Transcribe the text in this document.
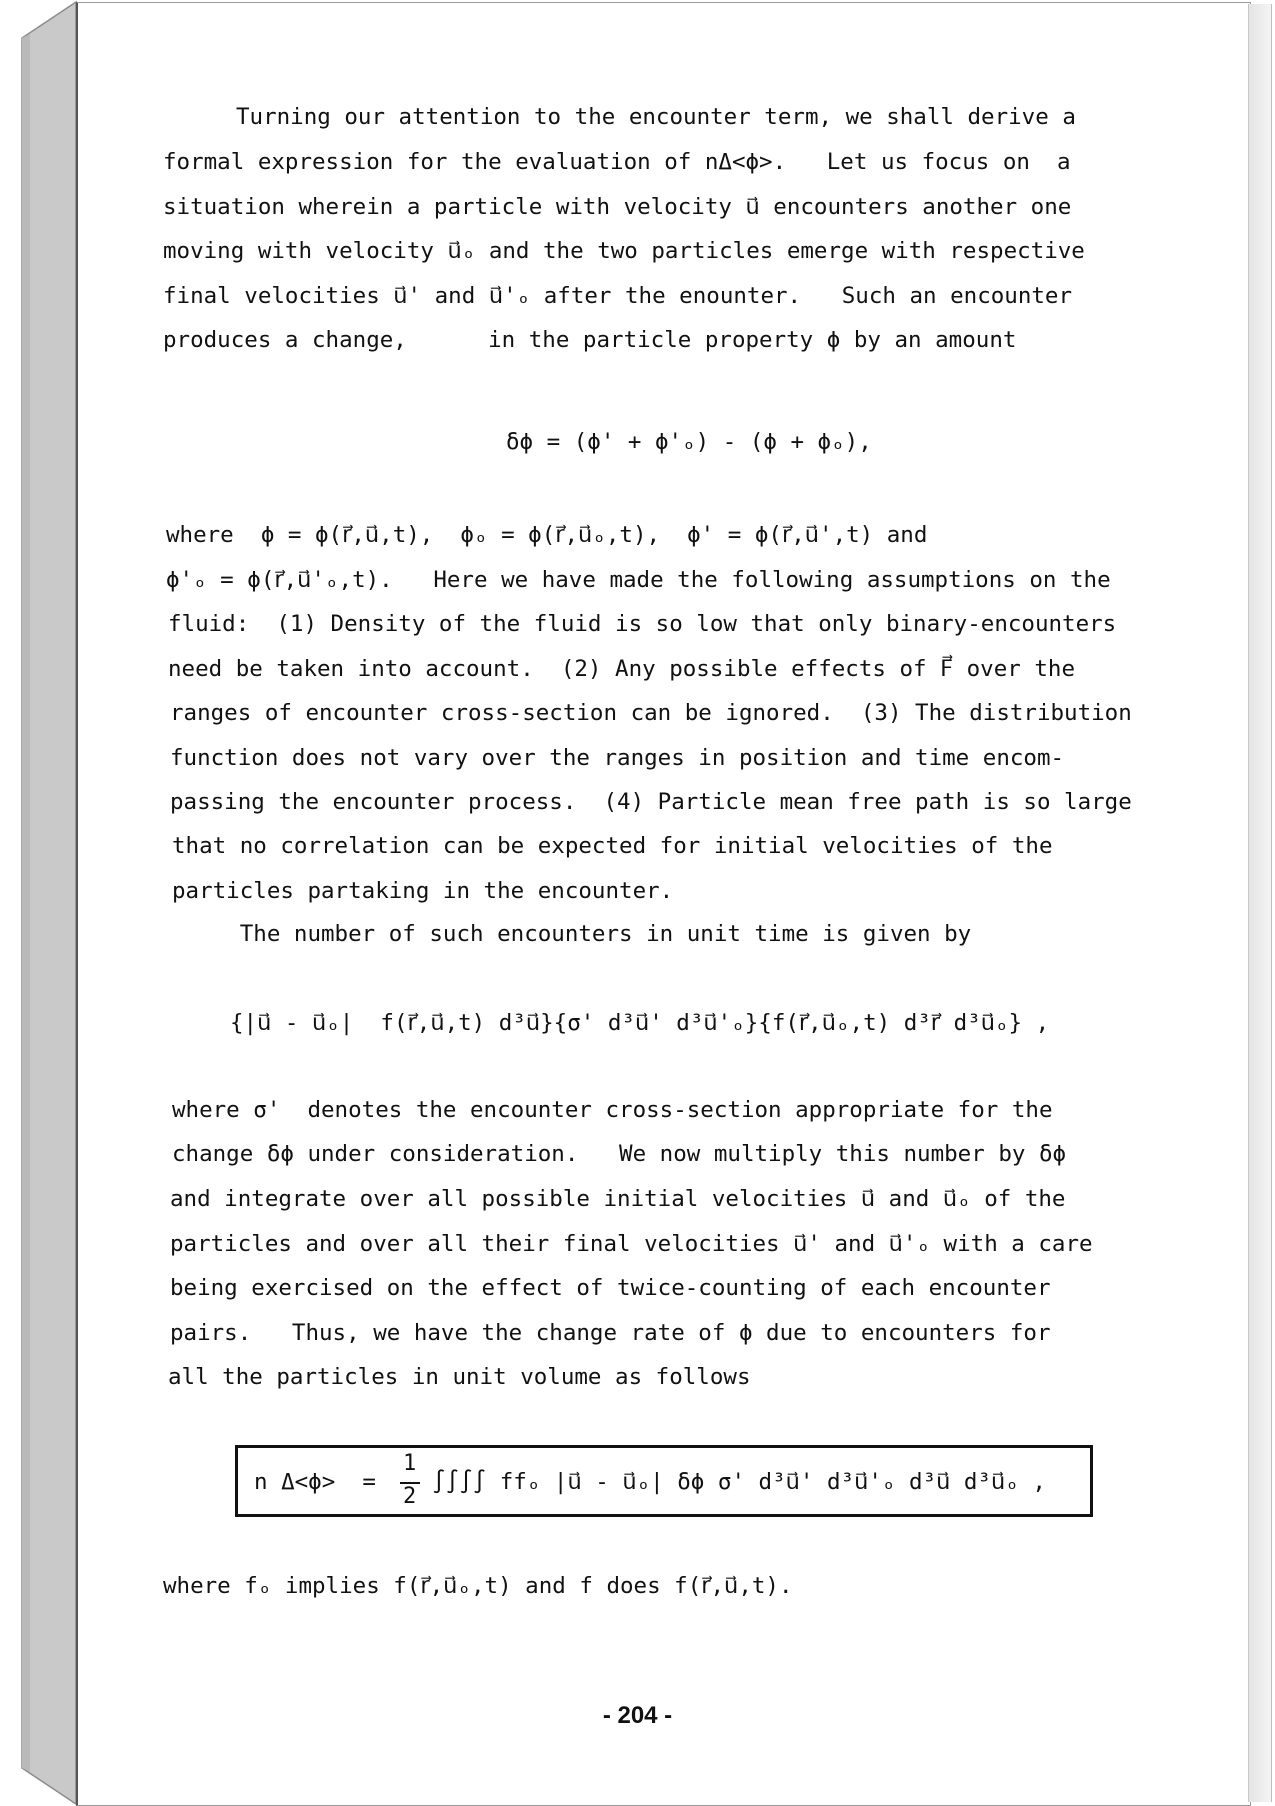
Turning our attention to the encounter term, we shall derive a
formal expression for the evaluation of nΔ<ϕ>.   Let us focus on  a
situation wherein a particle with velocity u⃗ encounters another one
moving with velocity u⃗ₒ and the two particles emerge with respective
final velocities u⃗' and u⃗'ₒ after the enounter.   Such an encounter
produces a change,      in the particle property ϕ by an amount
δϕ = (ϕ' + ϕ'ₒ) - (ϕ + ϕₒ),
where  ϕ = ϕ(r⃗,u⃗,t),  ϕₒ = ϕ(r⃗,u⃗ₒ,t),  ϕ' = ϕ(r⃗,u⃗',t) and
ϕ'ₒ = ϕ(r⃗,u⃗'ₒ,t).   Here we have made the following assumptions on the
fluid:  (1) Density of the fluid is so low that only binary-encounters
need be taken into account.  (2) Any possible effects of F⃗ over the
ranges of encounter cross-section can be ignored.  (3) The distribution
function does not vary over the ranges in position and time encom-
passing the encounter process.  (4) Particle mean free path is so large
that no correlation can be expected for initial velocities of the
particles partaking in the encounter.
The number of such encounters in unit time is given by
{|u⃗ - u⃗ₒ|  f(r⃗,u⃗,t) d³u⃗}{σ' d³u⃗' d³u⃗'ₒ}{f(r⃗,u⃗ₒ,t) d³r⃗ d³u⃗ₒ} ,
where σ'  denotes the encounter cross-section appropriate for the
change δϕ under consideration.   We now multiply this number by δϕ
and integrate over all possible initial velocities u⃗ and u⃗ₒ of the
particles and over all their final velocities u⃗' and u⃗'ₒ with a care
being exercised on the effect of twice-counting of each encounter
pairs.   Thus, we have the change rate of ϕ due to encounters for
all the particles in unit volume as follows
n Δ<ϕ>  =
1
2
∫∫∫∫ ffₒ |u⃗ - u⃗ₒ| δϕ σ' d³u⃗' d³u⃗'ₒ d³u⃗ d³u⃗ₒ ,
where fₒ implies f(r⃗,u⃗ₒ,t) and f does f(r⃗,u⃗,t).
- 204 -
